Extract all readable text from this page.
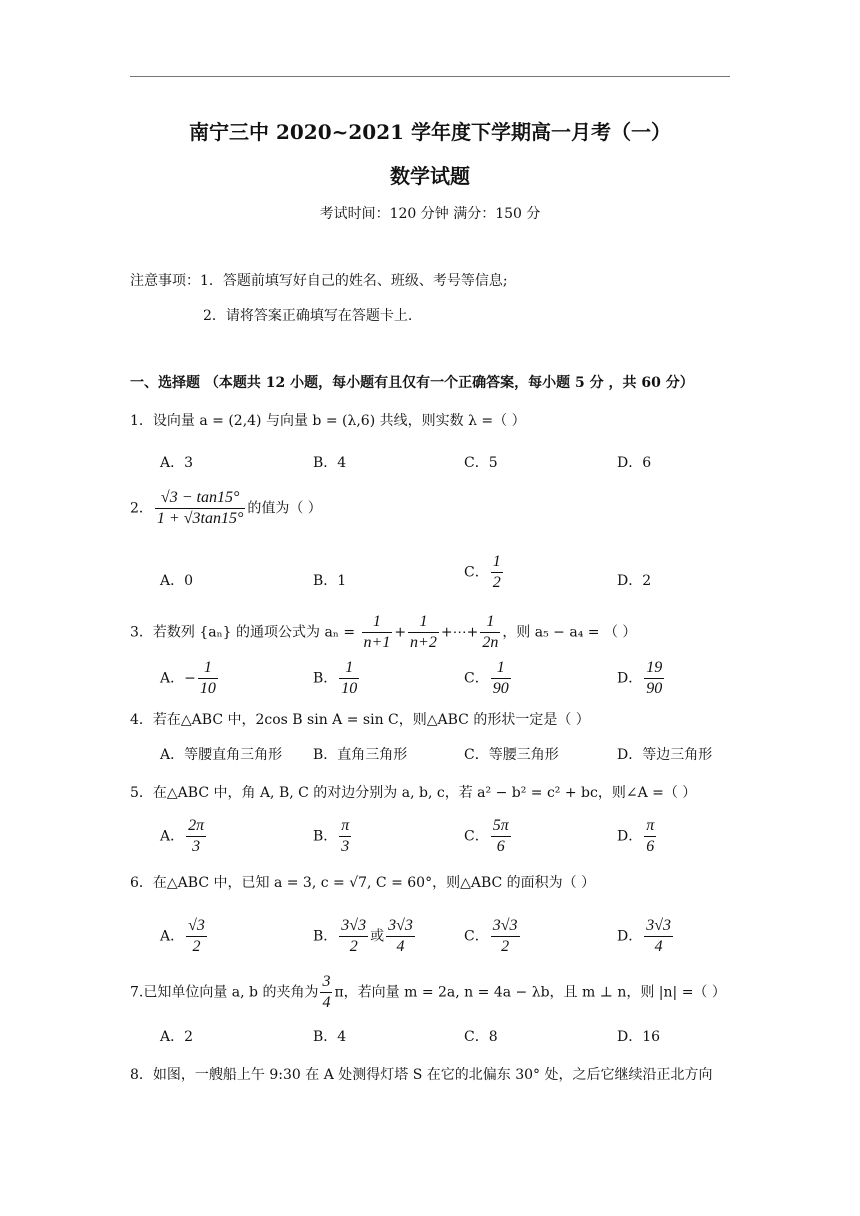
南宁三中 2020~2021 学年度下学期高一月考（一）
数学试题
考试时间：120 分钟 满分：150 分
注意事项：1．答题前填写好自己的姓名、班级、考号等信息;
2．请将答案正确填写在答题卡上.
一、选择题 （本题共 12 小题，每小题有且仅有一个正确答案，每小题 5 分 ，共 60 分）
1．设向量 a = (2,4) 与向量 b = (λ,6) 共线，则实数 λ =（ ）
A．3	B．4	C．5	D．6
2． $\frac{√3 - \tan 15^\circ}{1 + √3\tan 15^\circ}$ 的值为（ ）
A．0	B．1
C． $\frac{1}{2}$	D．2
3．若数列 {aₙ} 的通项公式为 $a_n = \frac{1}{n+1} + \frac{1}{n+2}$ +⋯+ $\frac{1}{2n}$ ，则 a₅ − a₄ = （ ）
A．− $\frac{1}{10}$	B． $\frac{1}{10}$	C． $\frac{1}{90}$	D． $\frac{19}{90}$
4．若在△ABC 中，2cos B sin A = sin C，则△ABC 的形状一定是（ ）
A．等腰直角三角形 B．直角三角形	C．等腰三角形	D．等边三角形
5．在△ABC 中，角 A, B, C 的对边分别为 a, b, c，若 a² − b² = c² + bc，则∠A =（ ）
A． $\frac{2\pi}{3}$	B． $\frac{\pi}{3}$	C． $\frac{5\pi}{6}$	D． $\frac{\pi}{6}$
6．在△ABC 中，已知 a = 3, c = √7, C = 60°，则△ABC 的面积为（ ）
A． $\frac{√3}{2}$	B． $\frac{3√3}{2}$ 或 $\frac{3√3}{4}$	C． $\frac{3√3}{2}$	D． $\frac{3√3}{4}$
7.已知单位向量 a, b 的夹角为 $\frac{3}{4}$ π，若向量 m = 2a, n = 4a − λb，且 m ⊥ n，则 |n| =（ ）
A．2	B．4	C．8	D．16
8．如图，一艘船上午 9:30 在 A 处测得灯塔 S 在它的北偏东 30° 处，之后它继续沿正北方向
